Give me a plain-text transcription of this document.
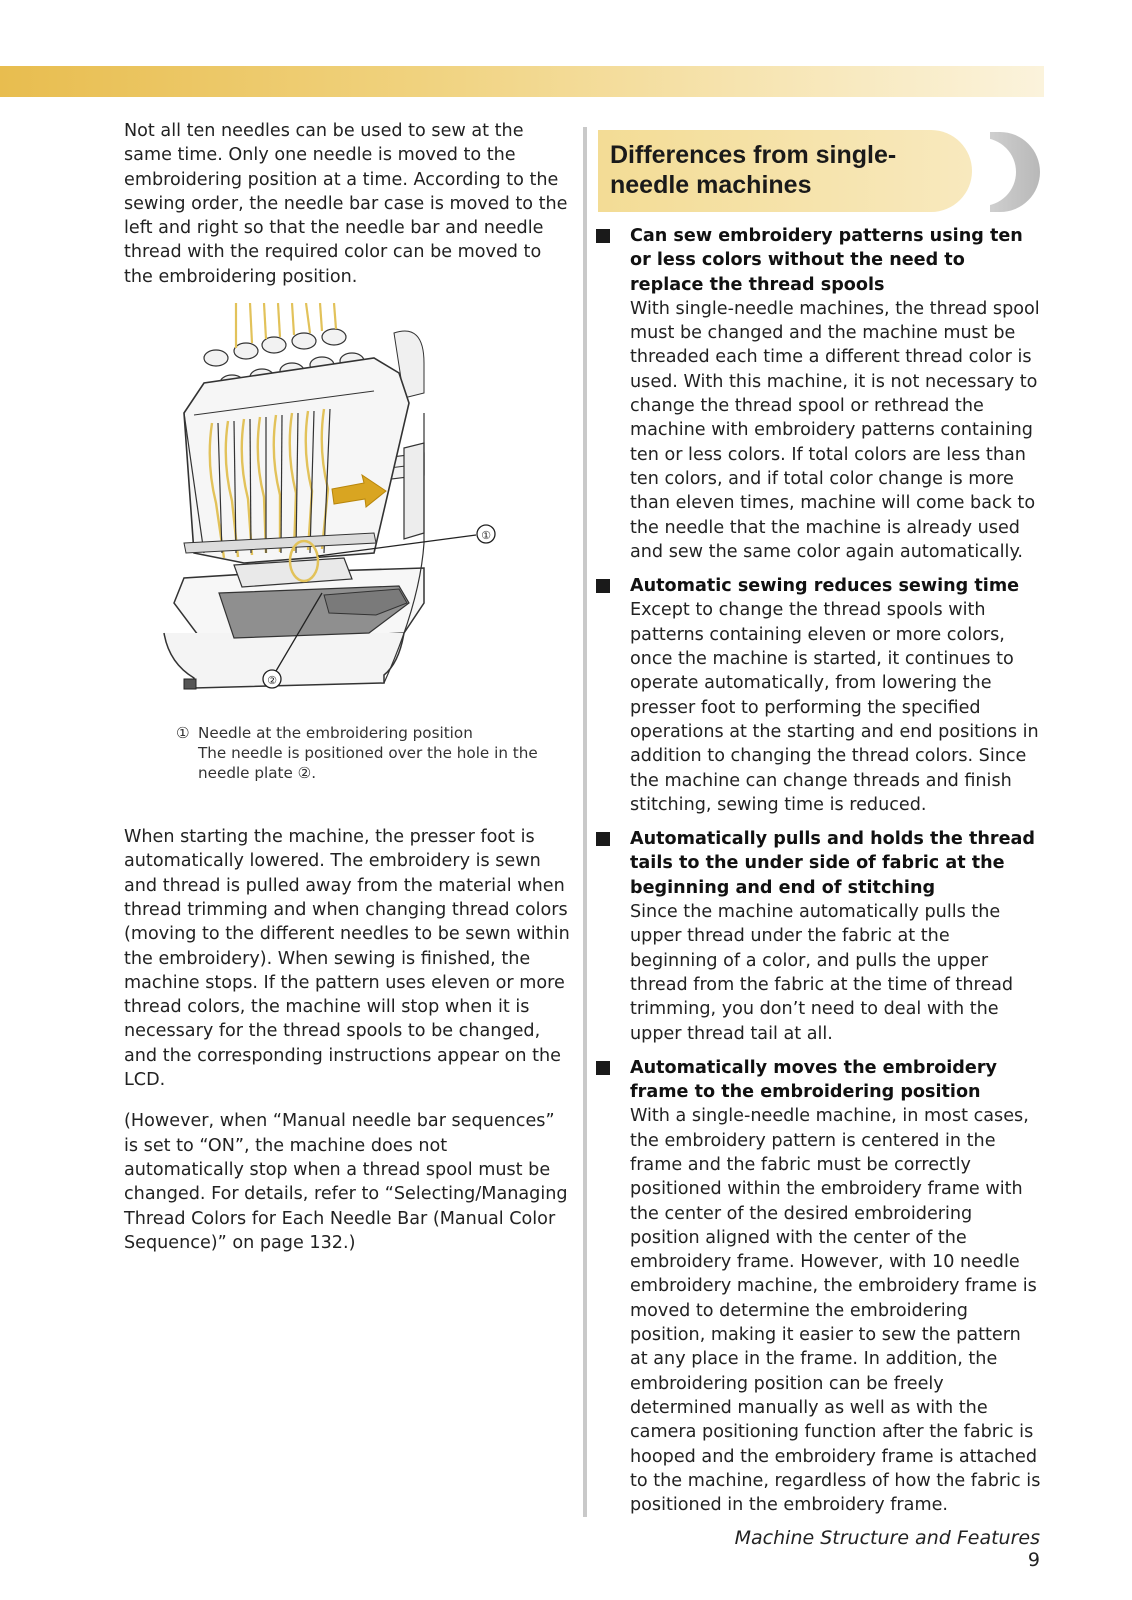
Not all ten needles can be used to sew at the same time. Only one needle is moved to the embroidering position at a time. According to the sewing order, the needle bar case is moved to the left and right so that the needle bar and needle thread with the required color can be moved to the embroidering position.

①
②
① Needle at the embroidering position
The needle is positioned over the hole in the needle plate ②.

When starting the machine, the presser foot is automatically lowered. The embroidery is sewn and thread is pulled away from the material when thread trimming and when changing thread colors (moving to the different needles to be sewn within the embroidery). When sewing is finished, the machine stops. If the pattern uses eleven or more thread colors, the machine will stop when it is necessary for the thread spools to be changed, and the corresponding instructions appear on the LCD.

(However, when “Manual needle bar sequences” is set to “ON”, the machine does not automatically stop when a thread spool must be changed. For details, refer to “Selecting/Managing Thread Colors for Each Needle Bar (Manual Color Sequence)” on page 132.)

Differences from single-needle machines

Can sew embroidery patterns using ten or less colors without the need to replace the thread spools

With single-needle machines, the thread spool must be changed and the machine must be threaded each time a different thread color is used. With this machine, it is not necessary to change the thread spool or rethread the machine with embroidery patterns containing ten or less colors. If total colors are less than ten colors, and if total color change is more than eleven times, machine will come back to the needle that the machine is already used and sew the same color again automatically.

Automatic sewing reduces sewing time

Except to change the thread spools with patterns containing eleven or more colors, once the machine is started, it continues to operate automatically, from lowering the presser foot to performing the specified operations at the starting and end positions in addition to changing the thread colors. Since the machine can change threads and finish stitching, sewing time is reduced.

Automatically pulls and holds the thread tails to the under side of fabric at the beginning and end of stitching

Since the machine automatically pulls the upper thread under the fabric at the beginning of a color, and pulls the upper thread from the fabric at the time of thread trimming, you don’t need to deal with the upper thread tail at all.

Automatically moves the embroidery frame to the embroidering position

With a single-needle machine, in most cases, the embroidery pattern is centered in the frame and the fabric must be correctly positioned within the embroidery frame with the center of the desired embroidering position aligned with the center of the embroidery frame. However, with 10 needle embroidery machine, the embroidery frame is moved to determine the embroidering position, making it easier to sew the pattern at any place in the frame. In addition, the embroidering position can be freely determined manually as well as with the camera positioning function after the fabric is hooped and the embroidery frame is attached to the machine, regardless of how the fabric is positioned in the embroidery frame.

Machine Structure and Features 9
